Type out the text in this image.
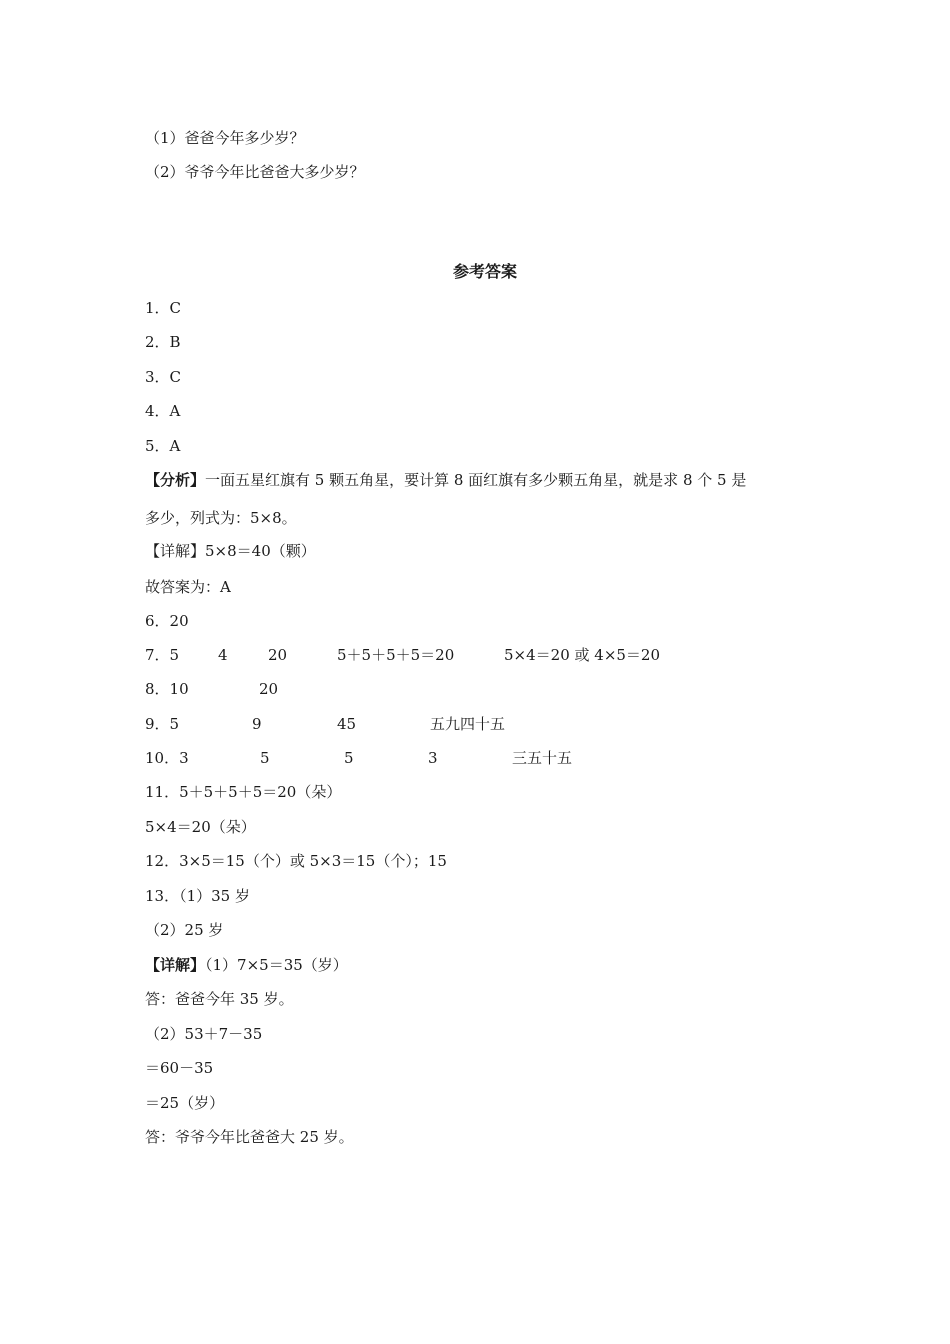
（1）爸爸今年多少岁？
（2）爷爷今年比爸爸大多少岁？
参考答案
1．C
2．B
3．C
4．A
5．A
【分析】一面五星红旗有 5 颗五角星，要计算 8 面红旗有多少颗五角星，就是求 8 个 5 是
多少，列式为：5×8。
【详解】5×8＝40（颗）
故答案为：A
6．20
7．5	4	20	5＋5＋5＋5＝20	5×4＝20 或 4×5＝20
8．10	20
9．5	9	45	五九四十五
10．3	5	5	3	三五十五
11．5＋5＋5＋5＝20（朵）
5×4＝20（朵）
12．3×5＝15（个）或 5×3＝15（个）；15
13．（1）35 岁
（2）25 岁
【详解】（1）7×5＝35（岁）
答：爸爸今年 35 岁。
（2）53＋7－35
＝60－35
＝25（岁）
答：爷爷今年比爸爸大 25 岁。
